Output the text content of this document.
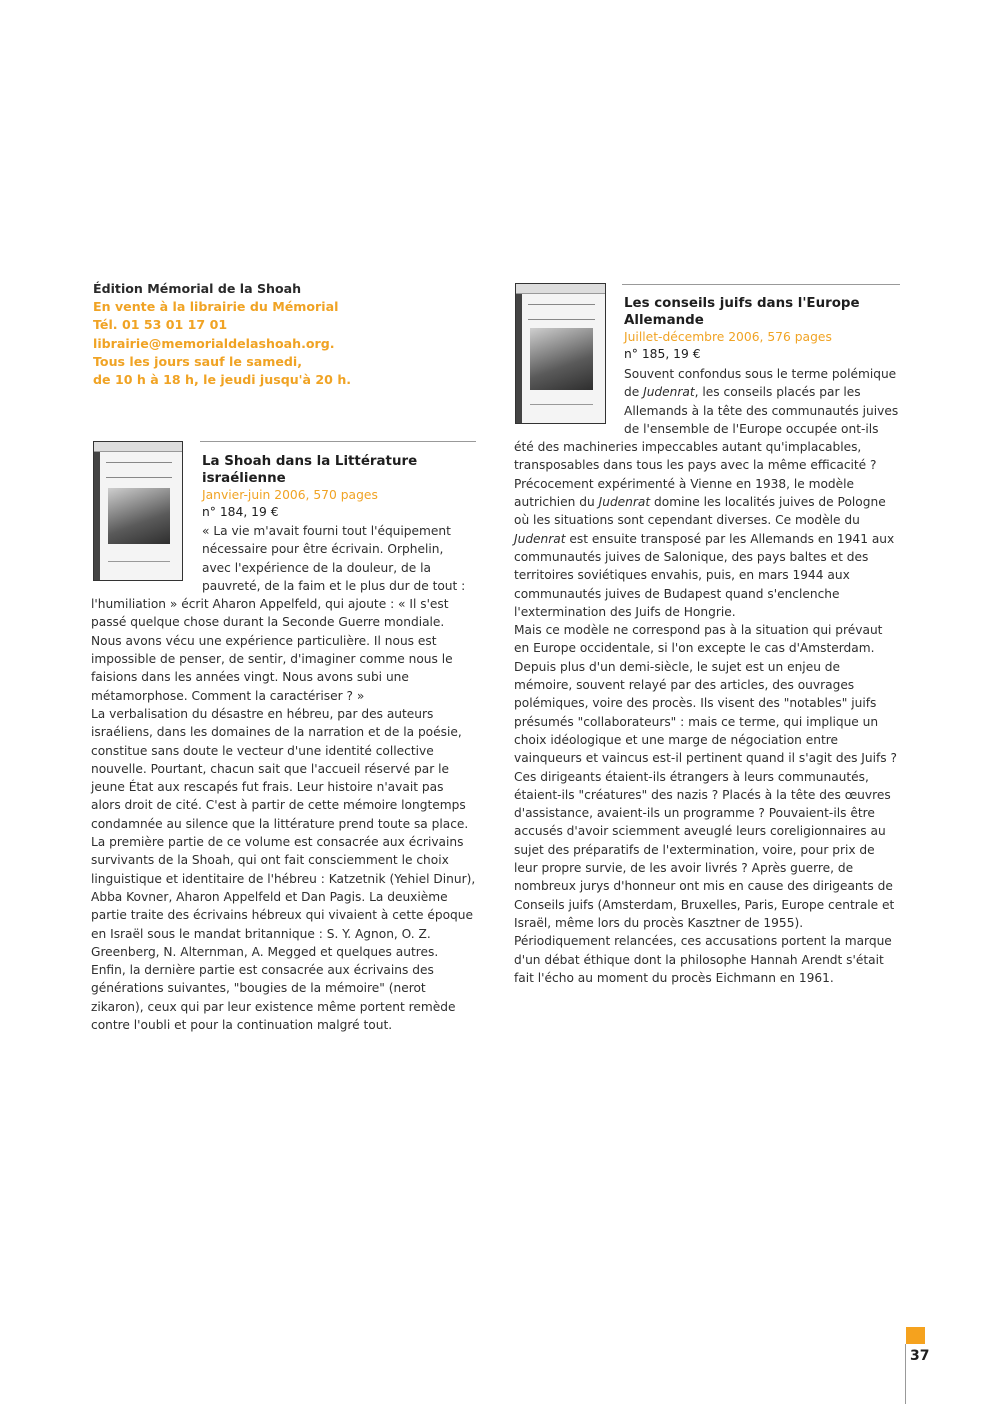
Édition Mémorial de la Shoah
En vente à la librairie du Mémorial
Tél. 01 53 01 17 01
librairie@memorialdelashoah.org.
Tous les jours sauf le samedi,
de 10 h à 18 h, le jeudi jusqu'à 20 h.
La Shoah dans la Littérature israélienne
Janvier-juin 2006, 570 pages
n° 184, 19 €

« La vie m'avait fourni tout l'équipement nécessaire pour être écrivain. Orphelin, avec l'expérience de la douleur, de la pauvreté, de la faim et le plus dur de tout : l'humiliation » écrit Aharon Appelfeld, qui ajoute : « Il s'est passé quelque chose durant la Seconde Guerre mondiale. Nous avons vécu une expérience particulière. Il nous est impossible de penser, de sentir, d'imaginer comme nous le faisions dans les années vingt. Nous avons subi une métamorphose. Comment la caractériser ? »

La verbalisation du désastre en hébreu, par des auteurs israéliens, dans les domaines de la narration et de la poésie, constitue sans doute le vecteur d'une identité collective nouvelle. Pourtant, chacun sait que l'accueil réservé par le jeune État aux rescapés fut frais. Leur histoire n'avait pas alors droit de cité. C'est à partir de cette mémoire longtemps condamnée au silence que la littérature prend toute sa place.

La première partie de ce volume est consacrée aux écrivains survivants de la Shoah, qui ont fait consciemment le choix linguistique et identitaire de l'hébreu : Katzetnik (Yehiel Dinur), Abba Kovner, Aharon Appelfeld et Dan Pagis. La deuxième partie traite des écrivains hébreux qui vivaient à cette époque en Israël sous le mandat britannique : S. Y. Agnon, O. Z. Greenberg, N. Alternman, A. Megged et quelques autres.

Enfin, la dernière partie est consacrée aux écrivains des générations suivantes, "bougies de la mémoire" (nerot zikaron), ceux qui par leur existence même portent remède contre l'oubli et pour la continuation malgré tout.

Les conseils juifs dans l'Europe Allemande
Juillet-décembre 2006, 576 pages
n° 185, 19 €

Souvent confondus sous le terme polémique de Judenrat, les conseils placés par les Allemands à la tête des communautés juives de l'ensemble de l'Europe occupée ont-ils été des machineries impeccables autant qu'implacables, transposables dans tous les pays avec la même efficacité ?

Précocement expérimenté à Vienne en 1938, le modèle autrichien du Judenrat domine les localités juives de Pologne où les situations sont cependant diverses. Ce modèle du Judenrat est ensuite transposé par les Allemands en 1941 aux communautés juives de Salonique, des pays baltes et des territoires soviétiques envahis, puis, en mars 1944 aux communautés juives de Budapest quand s'enclenche l'extermination des Juifs de Hongrie.

Mais ce modèle ne correspond pas à la situation qui prévaut en Europe occidentale, si l'on excepte le cas d'Amsterdam.

Depuis plus d'un demi-siècle, le sujet est un enjeu de mémoire, souvent relayé par des articles, des ouvrages polémiques, voire des procès. Ils visent des "notables" juifs présumés "collaborateurs" : mais ce terme, qui implique un choix idéologique et une marge de négociation entre vainqueurs et vaincus est-il pertinent quand il s'agit des Juifs ?

Ces dirigeants étaient-ils étrangers à leurs communautés, étaient-ils "créatures" des nazis ? Placés à la tête des œuvres d'assistance, avaient-ils un programme ? Pouvaient-ils être accusés d'avoir sciemment aveuglé leurs coreligionnaires au sujet des préparatifs de l'extermination, voire, pour prix de leur propre survie, de les avoir livrés ? Après guerre, de nombreux jurys d'honneur ont mis en cause des dirigeants de Conseils juifs (Amsterdam, Bruxelles, Paris, Europe centrale et Israël, même lors du procès Kasztner de 1955). Périodiquement relancées, ces accusations portent la marque d'un débat éthique dont la philosophe Hannah Arendt s'était fait l'écho au moment du procès Eichmann en 1961.

37
